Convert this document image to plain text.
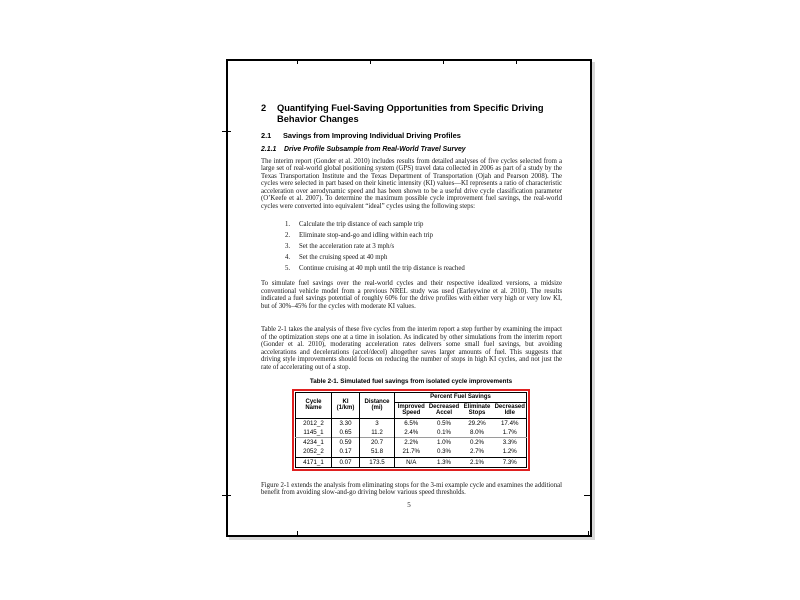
2	Quantifying Fuel-Saving Opportunities from Specific Driving
Behavior Changes
2.1	Savings from Improving Individual Driving Profiles
2.1.1	Drive Profile Subsample from Real-World Travel Survey

The interim report (Gonder et al. 2010) includes results from detailed analyses of five cycles selected from a large set of real-world global positioning system (GPS) travel data collected in 2006 as part of a study by the Texas Transportation Institute and the Texas Department of Transportation (Ojah and Pearson 2008). The cycles were selected in part based on their kinetic intensity (KI) values—KI represents a ratio of characteristic acceleration over aerodynamic speed and has been shown to be a useful drive cycle classification parameter (O’Keefe et al. 2007). To determine the maximum possible cycle improvement fuel savings, the real-world cycles were converted into equivalent “ideal” cycles using the following steps:

1.	Calculate the trip distance of each sample trip
2.	Eliminate stop-and-go and idling within each trip
3.	Set the acceleration rate at 3 mph/s
4.	Set the cruising speed at 40 mph
5.	Continue cruising at 40 mph until the trip distance is reached

To simulate fuel savings over the real-world cycles and their respective idealized versions, a midsize conventional vehicle model from a previous NREL study was used (Earleywine et al. 2010). The results indicated a fuel savings potential of roughly 60% for the drive profiles with either very high or very low KI, but of 30%–45% for the cycles with moderate KI values.

Table 2-1 takes the analysis of these five cycles from the interim report a step further by examining the impact of the optimization steps one at a time in isolation. As indicated by other simulations from the interim report (Gonder et al. 2010), moderating acceleration rates delivers some small fuel savings, but avoiding accelerations and decelerations (accel/decel) altogether saves larger amounts of fuel. This suggests that driving style improvements should focus on reducing the number of stops in high KI cycles, and not just the rate of accelerating out of a stop.

Table 2-1. Simulated fuel savings from isolated cycle improvements
Cycle Name	KI (1/km)	Distance (mi)	Percent Fuel Savings			
			Improved Speed	Decreased Accel	Eliminate Stops	Decreased Idle
2012_2	3.30	3	6.5%	0.5%	29.2%	17.4%
1145_1	0.65	11.2	2.4%	0.1%	8.0%	1.7%
4234_1	0.59	20.7	2.2%	1.0%	0.2%	3.3%
2052_2	0.17	51.8	21.7%	0.3%	2.7%	1.2%
4171_1	0.07	173.5	N/A	1.3%	2.1%	7.3%

Figure 2-1 extends the analysis from eliminating stops for the 3-mi example cycle and examines the additional benefit from avoiding slow-and-go driving below various speed thresholds.

5
